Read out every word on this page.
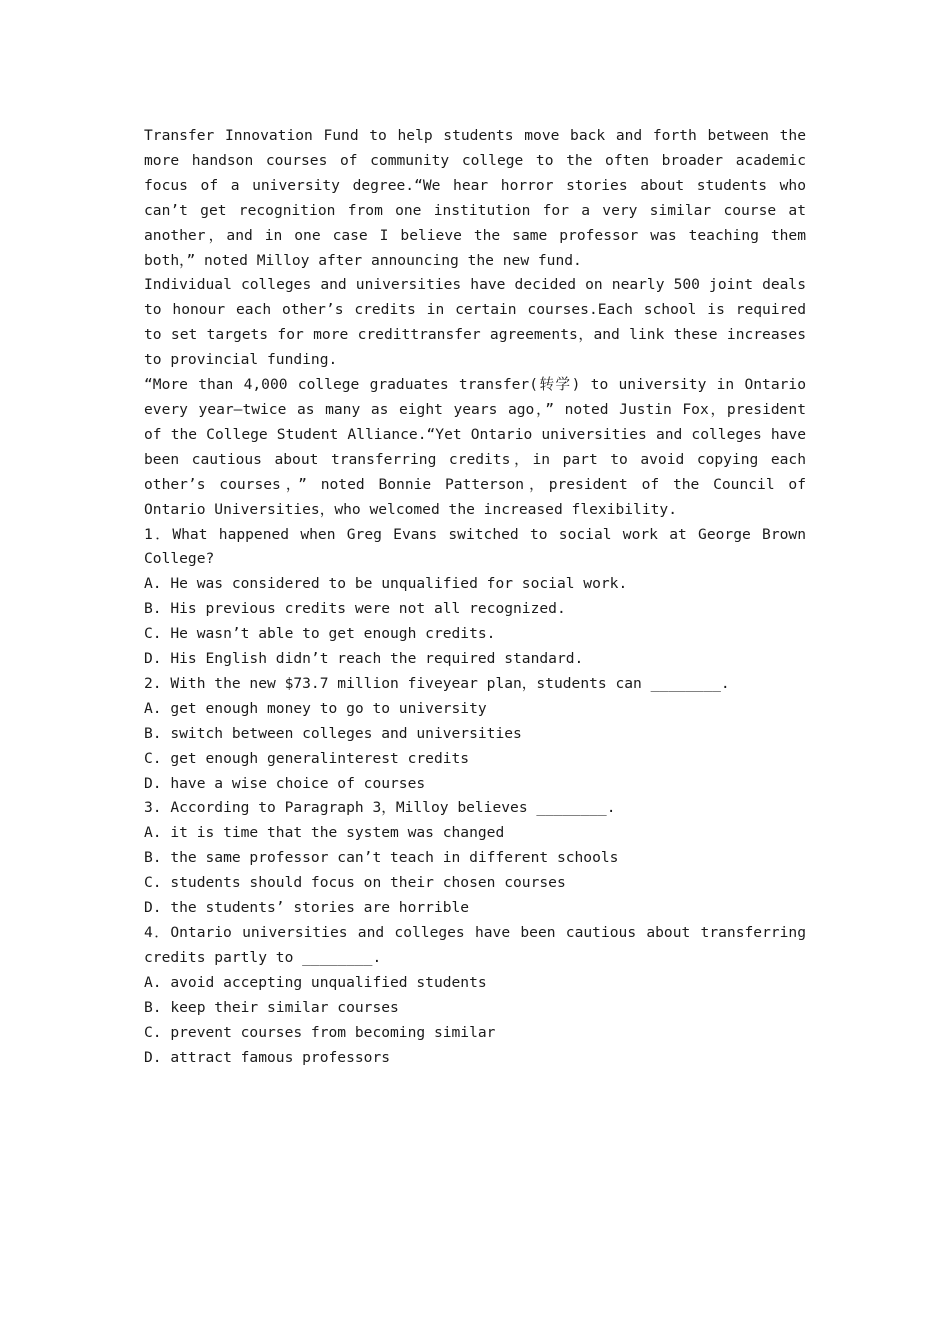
Transfer Innovation Fund to help students move back and forth between the more handson courses of community college to the often broader academic focus of a university degree.“We hear horror stories about students who can’t get recognition from one institution for a very similar course at another，and in one case I believe the same professor was teaching them both，” noted Milloy after announcing the new fund.

Individual colleges and universities have decided on nearly 500 joint deals to honour each other’s credits in certain courses.Each school is required to set targets for more credittransfer agreements，and link these increases to provincial funding.

“More than 4,000 college graduates transfer(转学) to university in Ontario every year—twice as many as eight years ago，” noted Justin Fox，president of the College Student Alliance.“Yet Ontario universities and colleges have been cautious about transferring credits，in part to avoid copying each other’s courses，” noted Bonnie Patterson，president of the Council of Ontario Universities，who welcomed the increased flexibility.

1．What happened when Greg Evans switched to social work at George Brown College?

A. He was considered to be unqualified for social work.

B. His previous credits were not all recognized.

C. He wasn’t able to get enough credits.

D. His English didn’t reach the required standard.

2. With the new $73.7 million fiveyear plan，students can ________.

A. get enough money to go to university

B. switch between colleges and universities

C. get enough generalinterest credits

D. have a wise choice of courses

3. According to Paragraph 3，Milloy believes ________.

A. it is time that the system was changed

B. the same professor can’t teach in different schools

C. students should focus on their chosen courses

D. the students’ stories are horrible

4．Ontario universities and colleges have been cautious about transferring credits partly to ________.

A. avoid accepting unqualified students

B. keep their similar courses

C. prevent courses from becoming similar

D. attract famous professors
